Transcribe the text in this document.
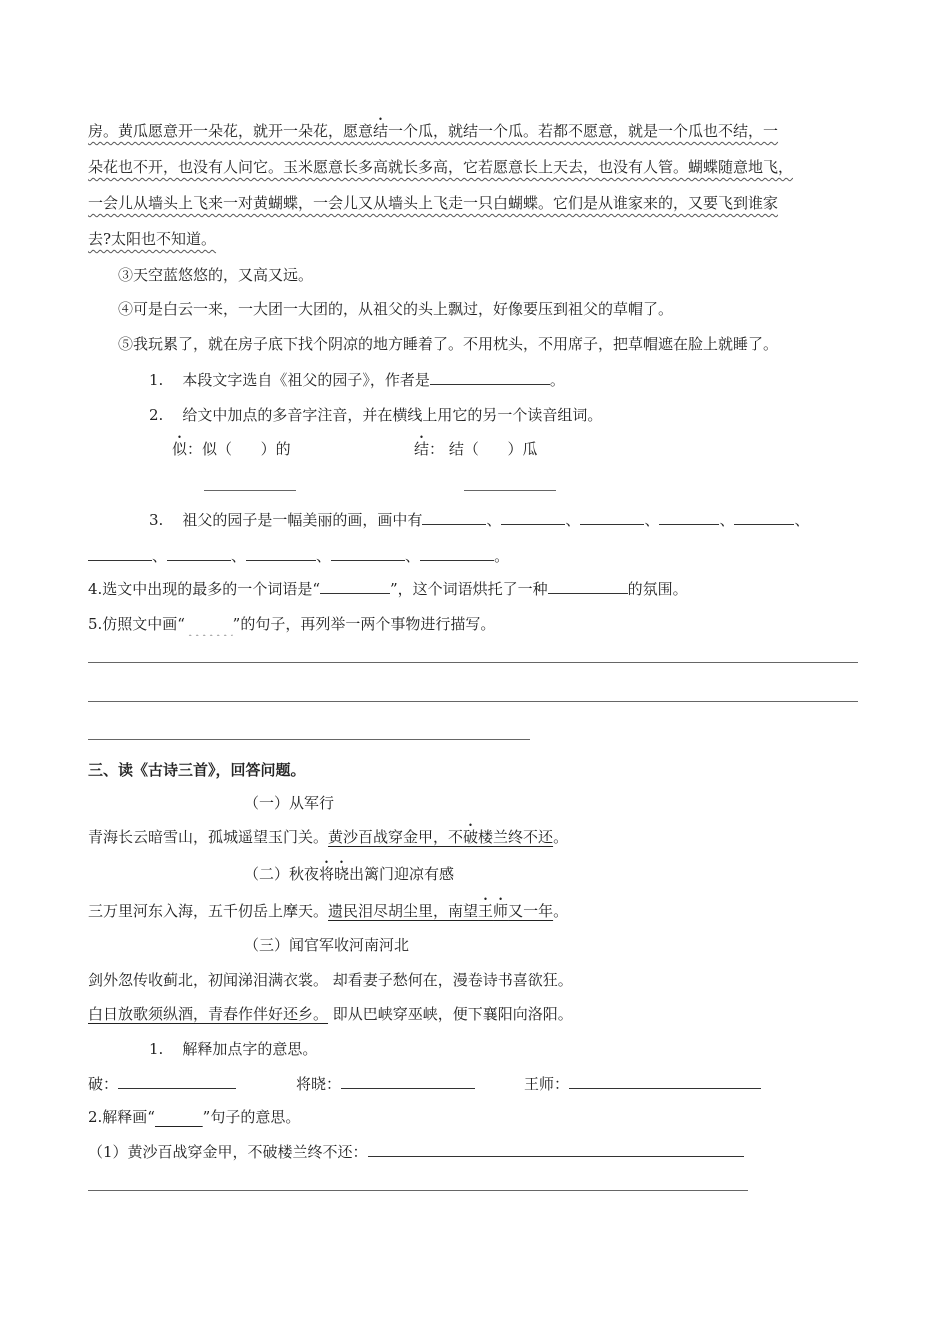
房。黄瓜愿意开一朵花，就开一朵花，愿意结一个瓜，就结一个瓜。若都不愿意，就是一个瓜也不结，一
朵花也不开，也没有人问它。玉米愿意长多高就长多高，它若愿意长上天去，也没有人管。蝴蝶随意地飞，
一会儿从墙头上飞来一对黄蝴蝶，一会儿又从墙头上飞走一只白蝴蝶。它们是从谁家来的，又要飞到谁家
去?太阳也不知道。
③天空蓝悠悠的，又高又远。
④可是白云一来，一大团一大团的，从祖父的头上飘过，好像要压到祖父的草帽了。
⑤我玩累了，就在房子底下找个阴凉的地方睡着了。不用枕头，不用席子，把草帽遮在脸上就睡了。
1. 本段文字选自《祖父的园子》，作者是	。
2. 给文中加点的多音字注音，并在横线上用它的另一个读音组词。
似：似（ ）的	结： 结（ ）瓜
3. 祖父的园子是一幅美丽的画，画中有	、	、	、	、	、
、	、	、	、	。
4.选文中出现的最多的一个词语是“	”，这个词语烘托了一种	的氛围。
5.仿照文中画“	”的句子，再列举一两个事物进行描写。
三、读《古诗三首》，回答问题。
（一）从军行
青海长云暗雪山，孤城遥望玉门关。黄沙百战穿金甲，不破楼兰终不还。
（二）秋夜将晓出篱门迎凉有感
三万里河东入海，五千仞岳上摩天。遗民泪尽胡尘里，南望王师又一年。
（三）闻官军收河南河北
剑外忽传收蓟北，初闻涕泪满衣裳。 却看妻子愁何在，漫卷诗书喜欲狂。
白日放歌须纵酒，青春作伴好还乡。 即从巴峡穿巫峡，便下襄阳向洛阳。
1. 解释加点字的意思。
破：	将晓：	王师：
2.解释画“	”句子的意思。
（1）黄沙百战穿金甲，不破楼兰终不还：
